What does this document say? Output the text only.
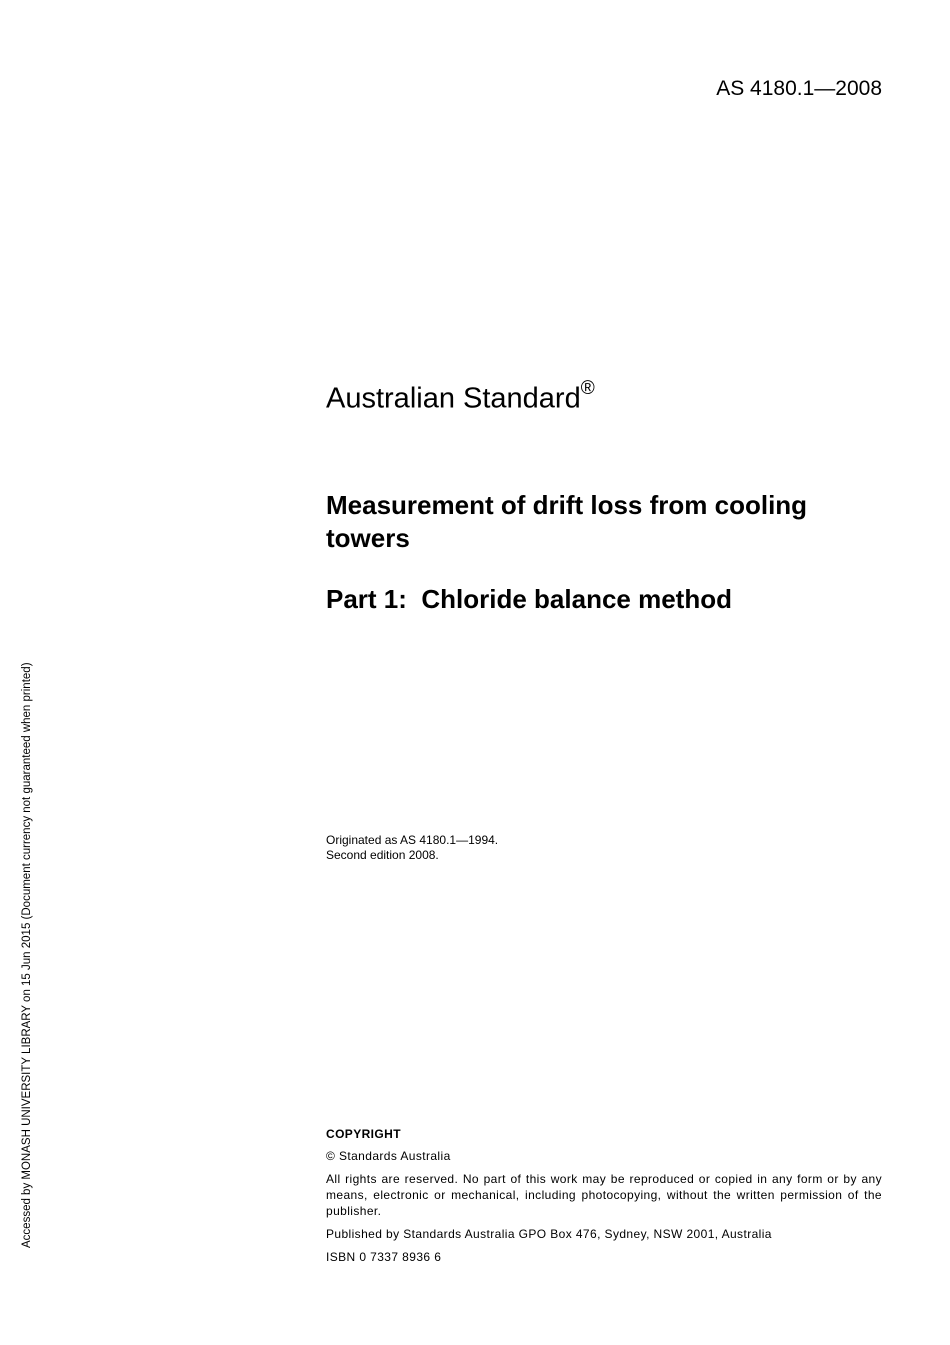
AS 4180.1—2008
Accessed by MONASH UNIVERSITY LIBRARY on 15 Jun 2015 (Document currency not guaranteed when printed)
Australian Standard®
Measurement of drift loss from cooling towers
Part 1:  Chloride balance method
Originated as AS 4180.1—1994.
Second edition 2008.
COPYRIGHT

© Standards Australia

All rights are reserved. No part of this work may be reproduced or copied in any form or by any means, electronic or mechanical, including photocopying, without the written permission of the publisher.

Published by Standards Australia GPO Box 476, Sydney, NSW 2001, Australia

ISBN 0 7337 8936 6
